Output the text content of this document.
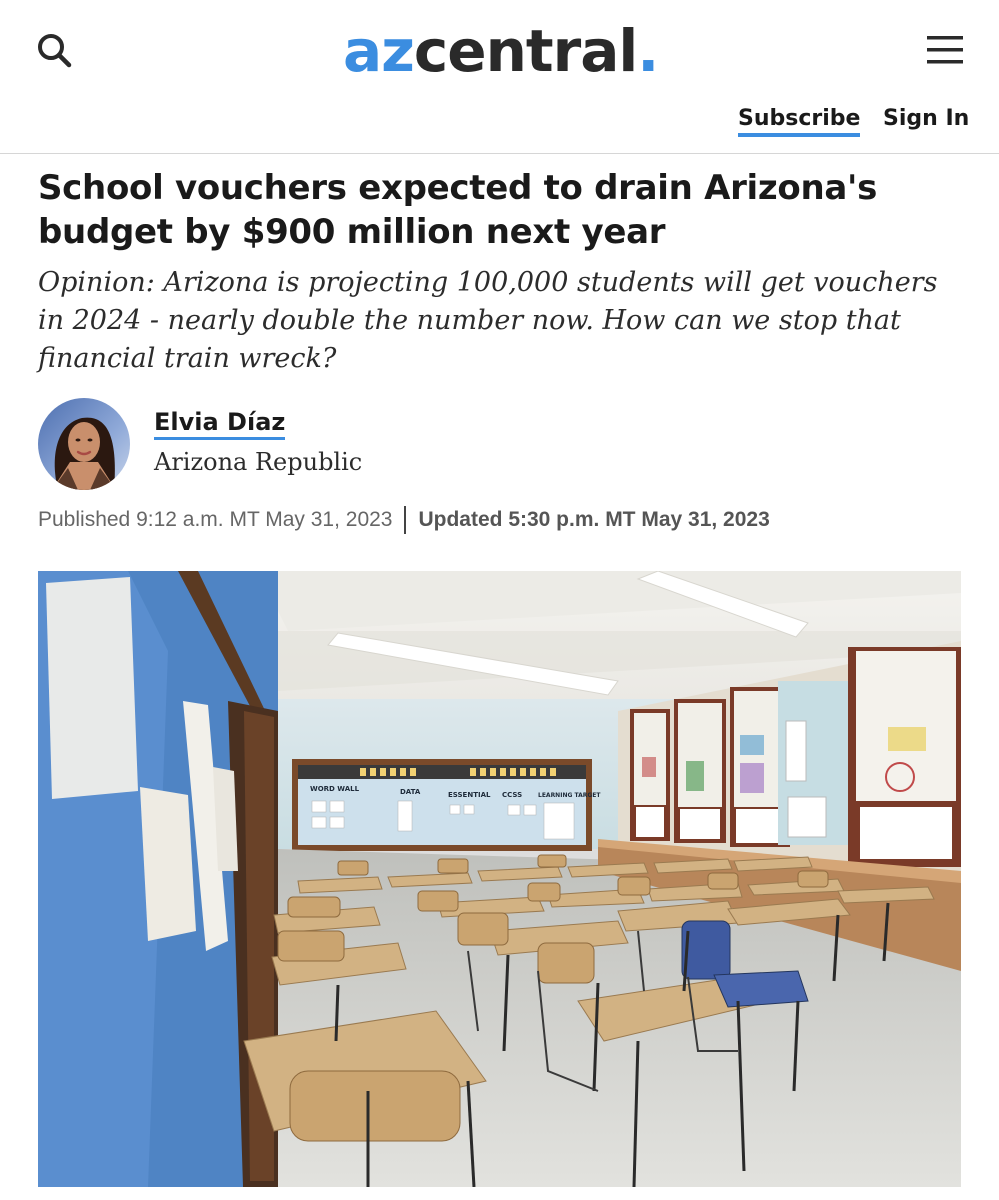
az central .
Subscribe Sign In
School vouchers expected to drain Arizona's
budget by $900 million next year

Opinion: Arizona is projecting 100,000 students will get vouchers
in 2024 - nearly double the number now. How can we stop that
financial train wreck?

Elvia Díaz
Arizona Republic
Published 9:12 a.m. MT May 31, 2023 Updated 5:30 p.m. MT May 31, 2023
WORD WALL	DATA	ESSENTIAL CCSS	LEARNING TARGET
